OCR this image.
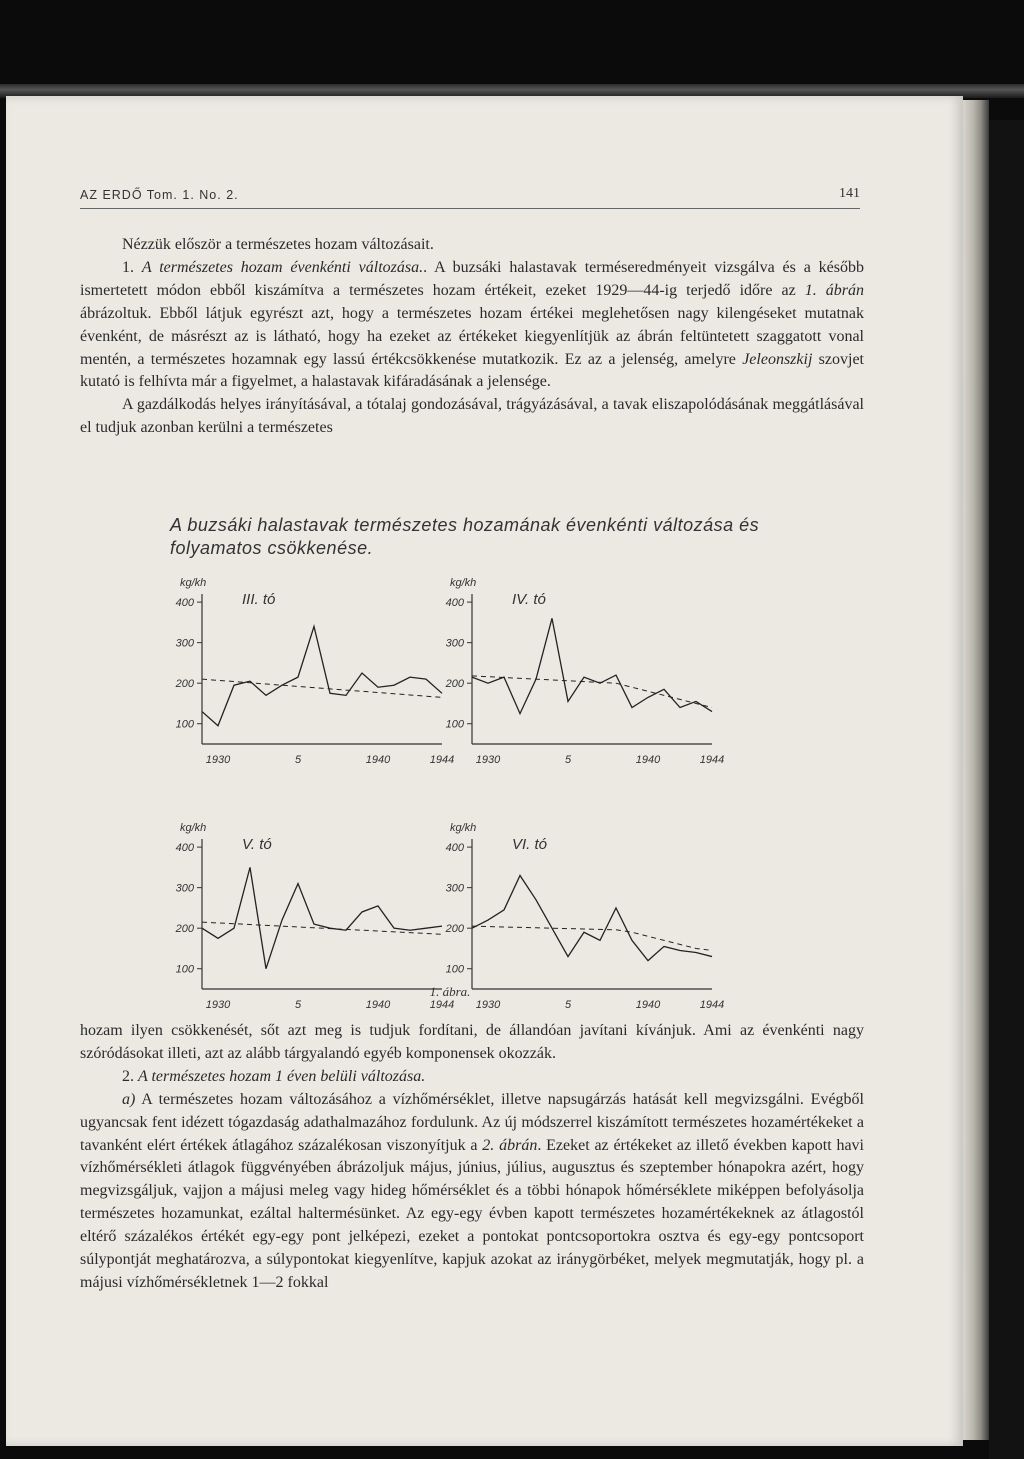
AZ ERDŐ Tom. 1. No. 2.	141

Nézzük először a természetes hozam változásait.

1. A természetes hozam évenkénti változása.. A buzsáki halastavak terméseredményeit vizsgálva és a később ismertetett módon ebből kiszámítva a természetes hozam értékeit, ezeket 1929—44-ig terjedő időre az 1. ábrán ábrázoltuk. Ebből látjuk egyrészt azt, hogy a természetes hozam értékei meglehetősen nagy kilengéseket mutatnak évenként, de másrészt az is látható, hogy ha ezeket az értékeket kiegyenlítjük az ábrán feltüntetett szaggatott vonal mentén, a természetes hozamnak egy lassú értékcsökkenése mutatkozik. Ez az a jelenség, amelyre Jeleonszkij szovjet kutató is felhívta már a figyelmet, a halastavak kifáradásának a jelensége.

A gazdálkodás helyes irányításával, a tótalaj gondozásával, trágyázásával, a tavak eliszapolódásának meggátlásával el tudjuk azonban kerülni a természetes

A buzsáki halastavak természetes hozamának évenkénti változása és folyamatos csökkenése.
400
300
200
100
kg/kh
III. tó
1930	5	1940	1944
400
300
200
100
kg/kh
IV. tó
1930	5	1940	1944
400
300
200
100
kg/kh
V. tó
1930	5	1940	1944
400
300
200
100
kg/kh
VI. tó
1930	5	1940	1944
1. ábra.

hozam ilyen csökkenését, sőt azt meg is tudjuk fordítani, de állandóan javítani kívánjuk. Ami az évenkénti nagy szóródásokat illeti, azt az alább tárgyalandó egyéb komponensek okozzák.

2. A természetes hozam 1 éven belüli változása.

a) A természetes hozam változásához a vízhőmérséklet, illetve napsugárzás hatását kell megvizsgálni. Evégből ugyancsak fent idézett tógazdaság adathalmazához fordulunk. Az új módszerrel kiszámított természetes hozamértékeket a tavanként elért értékek átlagához százalékosan viszonyítjuk a 2. ábrán. Ezeket az értékeket az illető években kapott havi vízhőmérsékleti átlagok függvényében ábrázoljuk május, június, július, augusztus és szeptember hónapokra azért, hogy megvizsgáljuk, vajjon a májusi meleg vagy hideg hőmérséklet és a többi hónapok hőmérséklete miképpen befolyásolja természetes hozamunkat, ezáltal haltermésünket. Az egy-egy évben kapott természetes hozamértékeknek az átlagostól eltérő százalékos értékét egy-egy pont jelképezi, ezeket a pontokat pontcsoportokra osztva és egy-egy pontcsoport súlypontját meghatározva, a súlypontokat kiegyenlítve, kapjuk azokat az iránygörbéket, melyek megmutatják, hogy pl. a májusi vízhőmérsékletnek 1—2 fokkal
